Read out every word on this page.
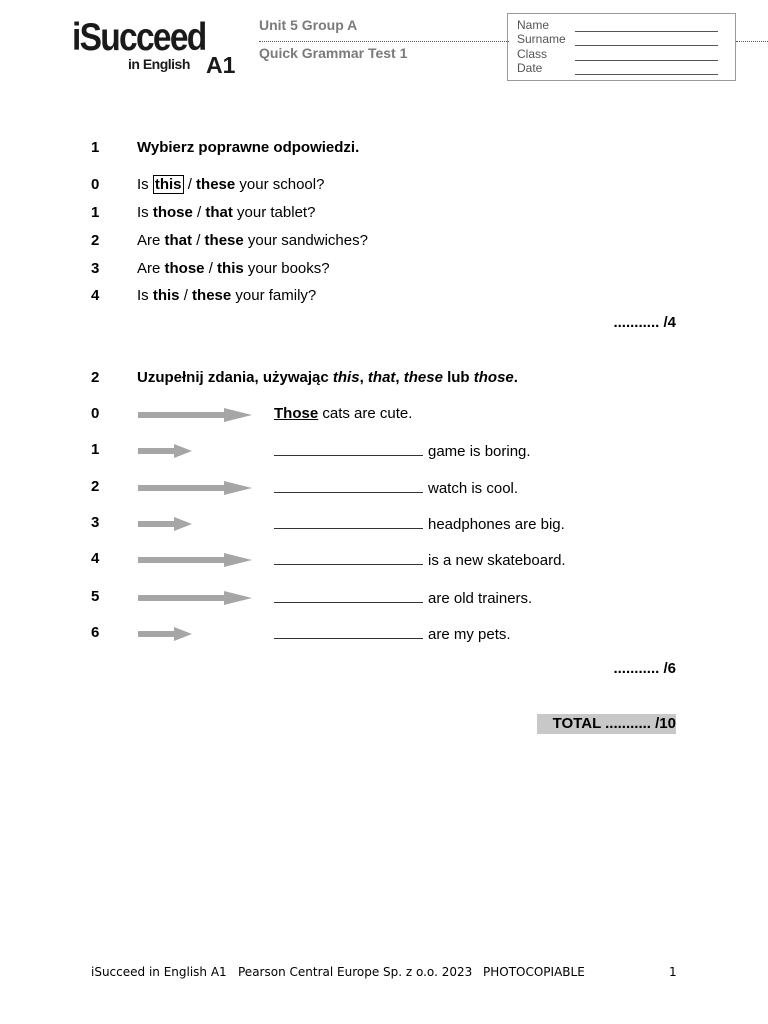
iSucceed
in English A1
Unit 5 Group A
Quick Grammar Test 1
Name
Surname
Class
Date
1	Wybierz poprawne odpowiedzi.
0	Is this / these your school?
1	Is those / that your tablet?
2	Are that / these your sandwiches?
3	Are those / this your books?
4	Is this / these your family?
........... /4
2	Uzupełnij zdania, używając this, that, these lub those.
0	Those cats are cute.
1	game is boring.
2	watch is cool.
3	headphones are big.
4	is a new skateboard.
5	are old trainers.
6	are my pets.
........... /6
TOTAL ........... /10
iSucceed in English A1 Pearson Central Europe Sp. z o.o. 2023 PHOTOCOPIABLE	1
